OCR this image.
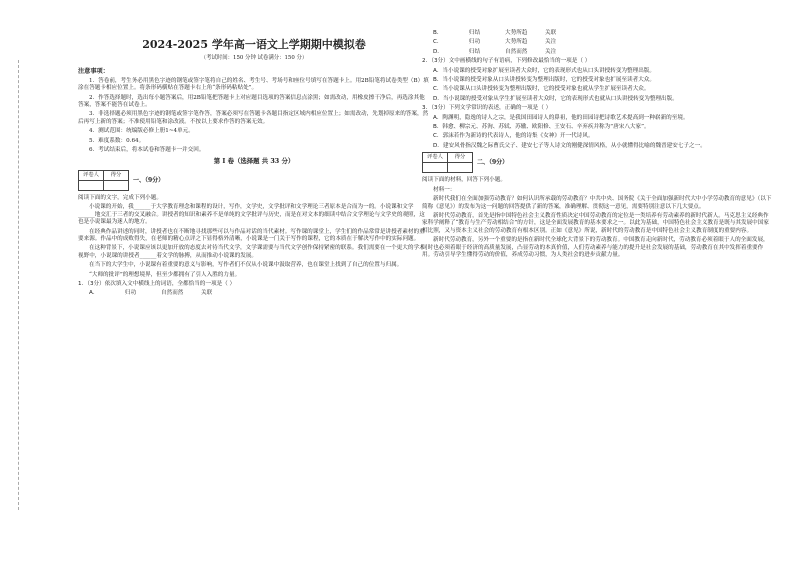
2024-2025 学年高一语文上学期期中模拟卷
（考试时间：150 分钟 试卷满分：150 分）
注意事项：

1．答卷前，考生务必用黑色字迹的钢笔或签字笔将自己的姓名、考生号、考场号和座位号填写在答题卡上。用2B铅笔将试卷类型（B）填涂在答题卡相应位置上。将条形码横贴在答题卡右上角“条形码粘贴处”。

2．作答选择题时，选出每小题答案后，用2B铅笔把答题卡上对应题目选项的答案信息点涂黑；如需改动，用橡皮擦干净后，再选涂其他答案，答案不能答在试卷上。

3．非选择题必须用黑色字迹的钢笔或签字笔作答，答案必须写在答题卡各题目指定区域内相应位置上；如需改动，先划掉原来的答案，然后再写上新的答案；不准使用铅笔和涂改液。不按以上要求作答的答案无效。

4．测试范围：统编版必修上册1~4单元。

5．难度系数：0.64。

6．考试结束后，将本试卷和答题卡一并交回。

第 I 卷（选择题 共 33 分）
评卷人	得分

一、（9分）

阅读下面的文字，完成下列小题。

小说课的开始，我______于大学教育理念和课程的设计，写作，文学史，文学批评和文学理论三者原本是合而为一的。小说课和文学______地交汇于三者的交叉融合。讲授者的知识和素养不是单纯的文学批评与历史，而是在对文本的细读中结合文学理论与文学史的观照，这也是小说课最为迷人的地方。

在经典作品讲述的同时，讲授者也在不断地寻找那些可以与作品对话的当代素材。写作课的课堂上，学生们的作品常常是讲授者素材的重要来源。作品中的成败得失，在老师的精心点评之下显得格外清晰，小说课是一门关于写作的课程，它的本质在于解决写作中的实际问题。

在这种背景下，小说课应该以更加开放的态度去对待当代文学，文学课需要与当代文学创作保持紧密的联系。我们需要在一个更大的学术视野中，小说课的讲授者______着文学的脉搏，从而推动小说课的发展。

在当下的大学生中，小说课有着重要的意义与影响，写作者们不仅从小说课中汲取营养，也在课堂上找到了自己的位置与归属。

“大师的批评”的理想境界，但至少都拥有了引人入胜的力量。

1．（3分）依次填入文中横线上的词语，全都恰当的一项是（ ）

A．	归功	自然而然	关联
B．	归结	大势所趋	关联
C．	归功	大势所趋	关注
D．	归结	自然而然	关注

2．（3分）文中画横线的句子有语病，下列修改最恰当的一项是（ ）

A．当小说课的授受对象扩展至读者大众时，它的表现形式也从口头讲授转变为整理出版。
B．当小说课的授受对象从口头讲授转变为整理出版时，它的授受对象也扩展至读者大众。
C．当小说课从口头讲授转变为整理出版时，它的授受对象也就从学生扩展至读者大众。
D．当小说课的授受对象从学生扩展至读者大众时，它的表现形式也就从口头讲授转变为整理出版。

3．（3分）下列文学常识的表述，正确的一项是（ ）

A．陶渊明，隐逸的诗人之宗，是我国田园诗人的鼻祖，他的田园诗把诗歌艺术提高到一种崭新的至境。
B．韩愈、柳宗元、苏洵、苏轼、苏辙、欧阳修、王安石、辛弃疾并称为“唐宋八大家”。
C．郭沫若作为新诗的代表诗人，他的诗集《女神》开一代诗风。
D．建安风骨指汉魏之际曹氏父子、建安七子等人诗文的刚健深情风格，从小就懂得比喻的魏晋建安七子之一。
评卷人	得分

二、（9分）

阅读下面的材料，回答下列小题。

材料一：

新时代我们在全面加强劳动教育？如何认识所承载的劳动教育？中共中央、国务院《关于全面加强新时代大中小学劳动教育的意见》（以下简称《意见》）的发布为这一问题的回答提供了新的答案，准确理解、贯彻这一意见，需要特别注意以下几大要点。

新时代劳动教育，首先是指中国特色社会主义教育性质决定中国劳动教育的定位是一类培养有劳动素养的新时代新人。马克思主义经典作家科学阐释了“教育与生产劳动相结合”的方针，这是全面发展教育的基本要求之一。以此为基础，中国特色社会主义教育是既与其发展中国家相比照，又与资本主义社会的劳动教育有根本区别。正如《意见》所说，新时代的劳动教育是中国特色社会主义教育制度的重要内容。

新时代劳动教育，另外一个重要的是指在新时代全球化大背景下的劳动教育。中国教育走向新时代，劳动教育必须着眼于人的全面发展，同时也必须着眼于经济的高质量发展，凸显劳动的本真价值，人们劳动素养与能力的提升是社会发展的基础，劳动教育在其中发挥着重要作用。劳动引导学生懂得劳动的价值，养成劳动习惯，为人类社会的进步贡献力量。
